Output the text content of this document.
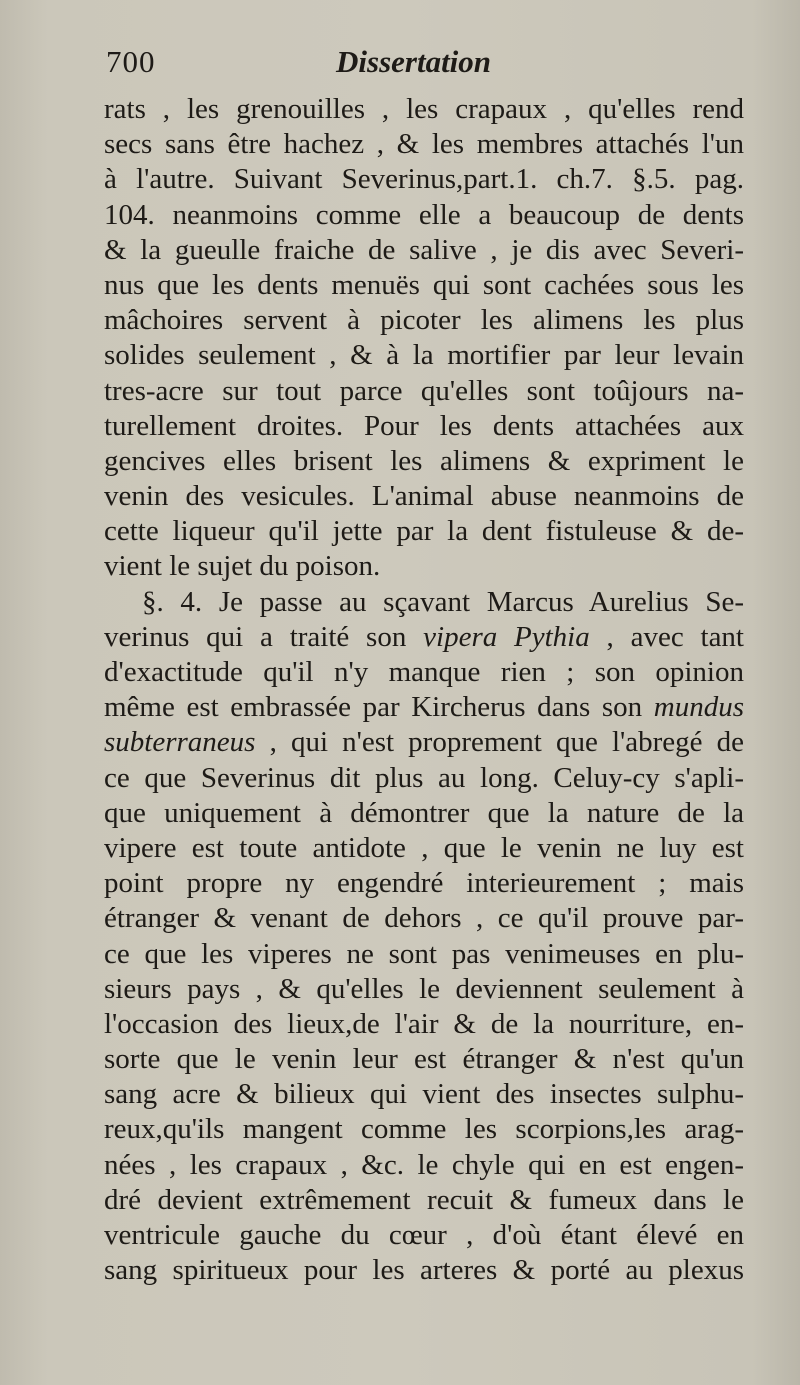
700	Dissertation
rats , les grenouilles , les crapaux , qu'elles rend
secs sans être hachez , & les membres attachés l'un
à l'autre. Suivant Severinus,part.1. ch.7. §.5. pag.
104. neanmoins comme elle a beaucoup de dents
& la gueulle fraiche de salive , je dis avec Severi-
nus que les dents menuës qui sont cachées sous les
mâchoires servent à picoter les alimens les plus
solides seulement , & à la mortifier par leur levain
tres-acre sur tout parce qu'elles sont toûjours na-
turellement droites. Pour les dents attachées aux
gencives elles brisent les alimens & expriment le
venin des vesicules. L'animal abuse neanmoins de
cette liqueur qu'il jette par la dent fistuleuse & de-
vient le sujet du poison.
§. 4. Je passe au sçavant Marcus Aurelius Se-
verinus qui a traité son vipera Pythia , avec tant
d'exactitude qu'il n'y manque rien ; son opinion
même est embrassée par Kircherus dans son mundus
subterraneus , qui n'est proprement que l'abregé de
ce que Severinus dit plus au long. Celuy-cy s'apli-
que uniquement à démontrer que la nature de la
vipere est toute antidote , que le venin ne luy est
point propre ny engendré interieurement ; mais
étranger & venant de dehors , ce qu'il prouve par-
ce que les viperes ne sont pas venimeuses en plu-
sieurs pays , & qu'elles le deviennent seulement à
l'occasion des lieux,de l'air & de la nourriture, en-
sorte que le venin leur est étranger & n'est qu'un
sang acre & bilieux qui vient des insectes sulphu-
reux,qu'ils mangent comme les scorpions,les arag-
nées , les crapaux , &c. le chyle qui en est engen-
dré devient extrêmement recuit & fumeux dans le
ventricule gauche du cœur , d'où étant élevé en
sang spiritueux pour les arteres & porté au plexus
